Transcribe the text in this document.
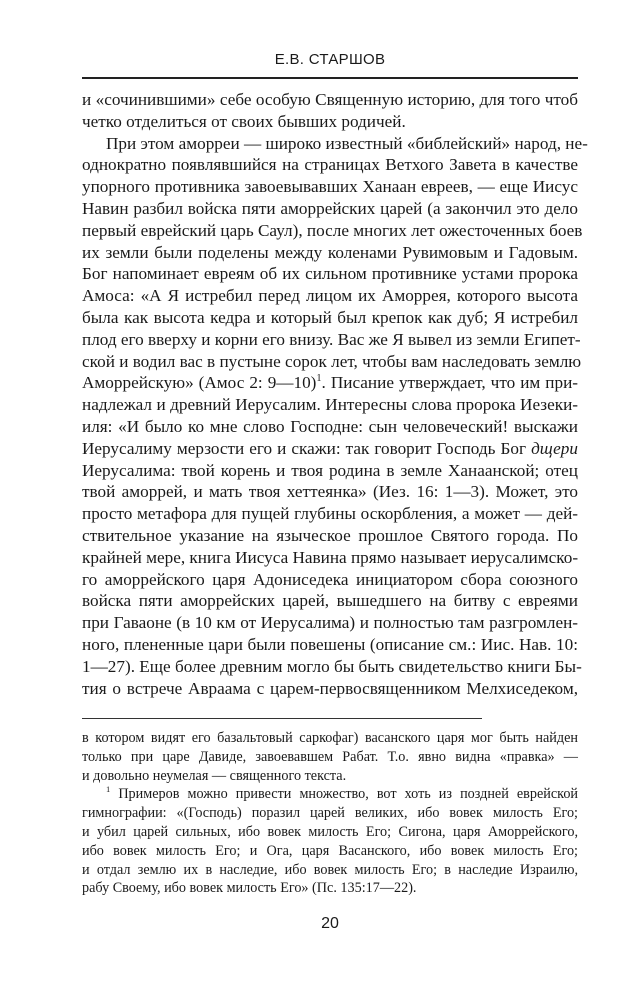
Е.В. СТАРШОВ
и «сочинившими» себе особую Священную историю, для того чтоб
четко отделиться от своих бывших родичей.
При этом аморреи — широко известный «библейский» народ, не-
однократно появлявшийся на страницах Ветхого Завета в качестве
упорного противника завоевывавших Ханаан евреев, — еще Иисус
Навин разбил войска пяти аморрейских царей (а закончил это дело
первый еврейский царь Саул), после многих лет ожесточенных боев
их земли были поделены между коленами Рувимовым и Гадовым.
Бог напоминает евреям об их сильном противнике устами пророка
Амоса: «А Я истребил перед лицом их Аморрея, которого высота
была как высота кедра и который был крепок как дуб; Я истребил
плод его вверху и корни его внизу. Вас же Я вывел из земли Египет-
ской и водил вас в пустыне сорок лет, чтобы вам наследовать землю
Аморрейскую» (Амос 2: 9—10)$^1$. Писание утверждает, что им при-
надлежал и древний Иерусалим. Интересны слова пророка Иезеки-
иля: «И было ко мне слово Господне: сын человеческий! выскажи
Иерусалиму мерзости его и скажи: так говорит Господь Бог дщери
Иерусалима: твой корень и твоя родина в земле Ханаанской; отец
твой аморрей, и мать твоя хеттеянка» (Иез. 16: 1—3). Может, это
просто метафора для пущей глубины оскорбления, а может — дей-
ствительное указание на языческое прошлое Святого города. По
крайней мере, книга Иисуса Навина прямо называет иерусалимско-
го аморрейского царя Адониседека инициатором сбора союзного
войска пяти аморрейских царей, вышедшего на битву с евреями
при Гаваоне (в 10 км от Иерусалима) и полностью там разгромлен-
ного, плененные цари были повешены (описание см.: Иис. Нав. 10:
1—27). Еще более древним могло бы быть свидетельство книги Бы-
тия о встрече Авраама с царем-первосвященником Мелхиседеком,
в котором видят его базальтовый саркофаг) васанского царя мог быть найден
только при царе Давиде, завоевавшем Рабат. Т.о. явно видна «правка» —
и довольно неумелая — священного текста.
$^1$ Примеров можно привести множество, вот хоть из поздней еврейской
гимнографии: «(Господь) поразил царей великих, ибо вовек милость Его;
и убил царей сильных, ибо вовек милость Его; Сигона, царя Аморрейского,
ибо вовек милость Его; и Ога, царя Васанского, ибо вовек милость Его;
и отдал землю их в наследие, ибо вовек милость Его; в наследие Израилю,
рабу Своему, ибо вовек милость Его» (Пс. 135:17—22).
20
